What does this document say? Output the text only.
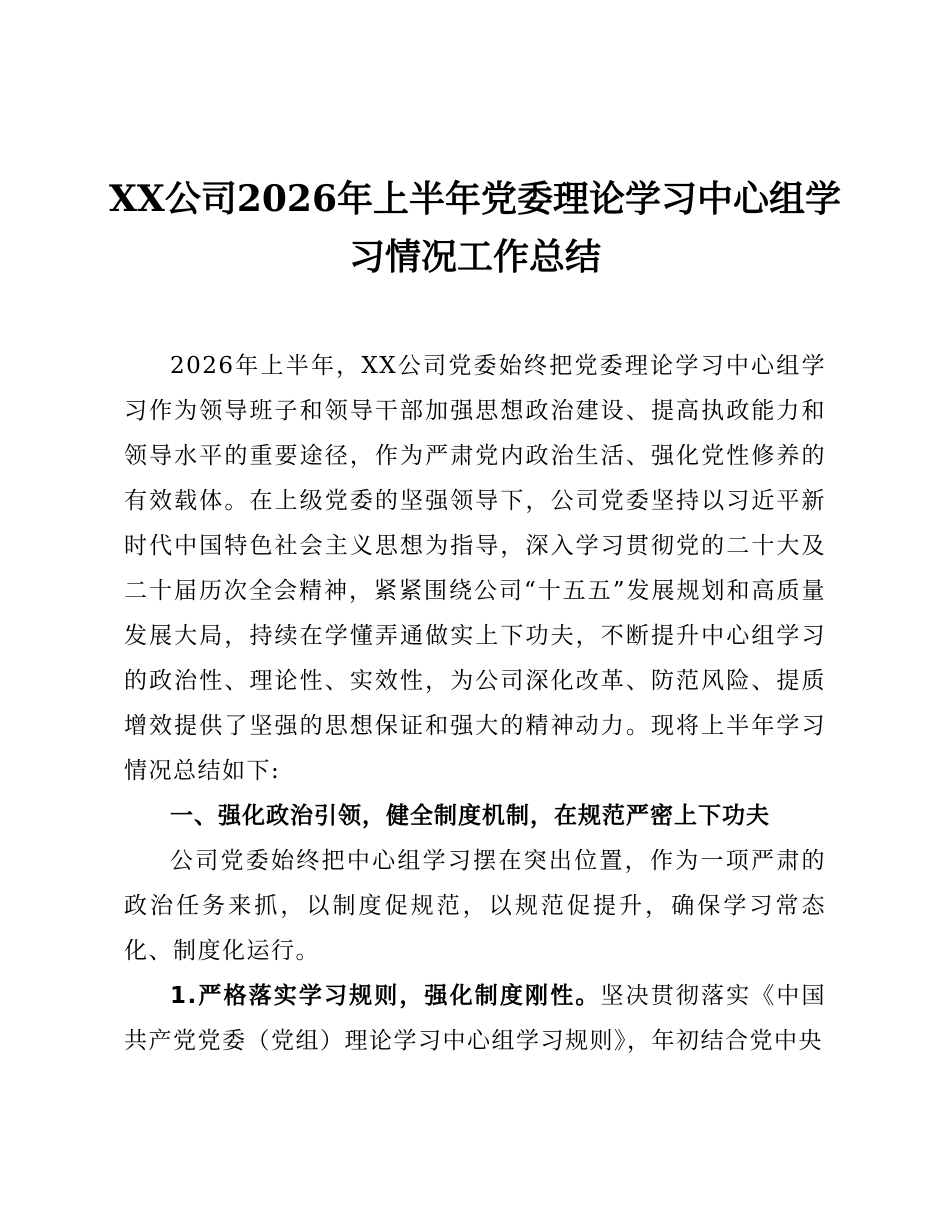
XX公司2026年上半年党委理论学习中心组学习情况工作总结

2026年上半年，XX公司党委始终把党委理论学习中心组学习作为领导班子和领导干部加强思想政治建设、提高执政能力和领导水平的重要途径，作为严肃党内政治生活、强化党性修养的有效载体。在上级党委的坚强领导下，公司党委坚持以习近平新时代中国特色社会主义思想为指导，深入学习贯彻党的二十大及二十届历次全会精神，紧紧围绕公司“十五五”发展规划和高质量发展大局，持续在学懂弄通做实上下功夫，不断提升中心组学习的政治性、理论性、实效性，为公司深化改革、防范风险、提质增效提供了坚强的思想保证和强大的精神动力。现将上半年学习情况总结如下:

一、强化政治引领，健全制度机制，在规范严密上下功夫

公司党委始终把中心组学习摆在突出位置，作为一项严肃的政治任务来抓，以制度促规范，以规范促提升，确保学习常态化、制度化运行。

1.严格落实学习规则，强化制度刚性。坚决贯彻落实《中国共产党党委（党组）理论学习中心组学习规则》，年初结合党中央
